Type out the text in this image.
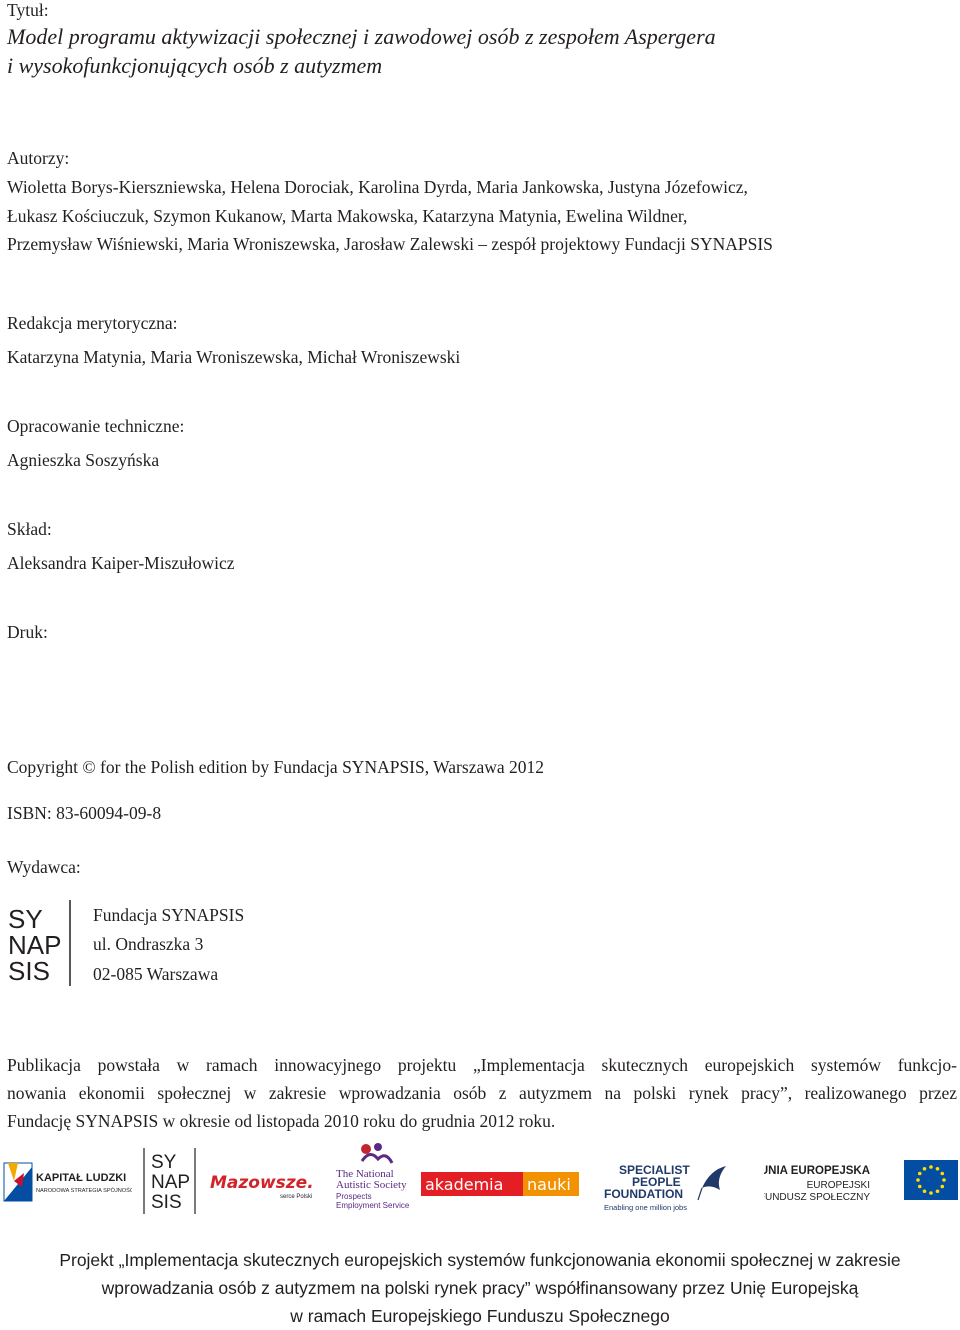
Tytuł:
Model programu aktywizacji społecznej i zawodowej osób z zespołem Aspergera
i wysokofunkcjonujących osób z autyzmem
Autorzy:
Wioletta Borys-Kierszniewska, Helena Dorociak, Karolina Dyrda, Maria Jankowska, Justyna Józefowicz,
Łukasz Kościuczuk, Szymon Kukanow, Marta Makowska, Katarzyna Matynia, Ewelina Wildner,
Przemysław Wiśniewski, Maria Wroniszewska, Jarosław Zalewski – zespół projektowy Fundacji SYNAPSIS
Redakcja merytoryczna:
Katarzyna Matynia, Maria Wroniszewska, Michał Wroniszewski
Opracowanie techniczne:
Agnieszka Soszyńska
Skład:
Aleksandra Kaiper-Miszułowicz
Druk:
Copyright © for the Polish edition by Fundacja SYNAPSIS, Warszawa 2012
ISBN: 83-60094-09-8
Wydawca:
SY
NAP
SIS
Fundacja SYNAPSIS
ul. Ondraszka 3
02-085 Warszawa

Publikacja powstała w ramach innowacyjnego projektu „Implementacja skutecznych europejskich systemów funkcjo-

nowania ekonomii społecznej w zakresie wprowadzania osób z autyzmem na polski rynek pracy”, realizowanego przez

Fundację SYNAPSIS w okresie od listopada 2010 roku do grudnia 2012 roku.

KAPITAŁ LUDZKI
NARODOWA STRATEGIA SPÓJNOŚCI
SY
NAP
SIS
Mazowsze.
serce Polski
The National
Autistic Society
Prospects
Employment Service
akademia nauki
SPECIALIST
PEOPLE
FOUNDATION
Enabling one million jobs
UNIA EUROPEJSKA
EUROPEJSKI
FUNDUSZ SPOŁECZNY
Projekt „Implementacja skutecznych europejskich systemów funkcjonowania ekonomii społecznej w zakresie
wprowadzania osób z autyzmem na polski rynek pracy” współfinansowany przez Unię Europejską
w ramach Europejskiego Funduszu Społecznego
